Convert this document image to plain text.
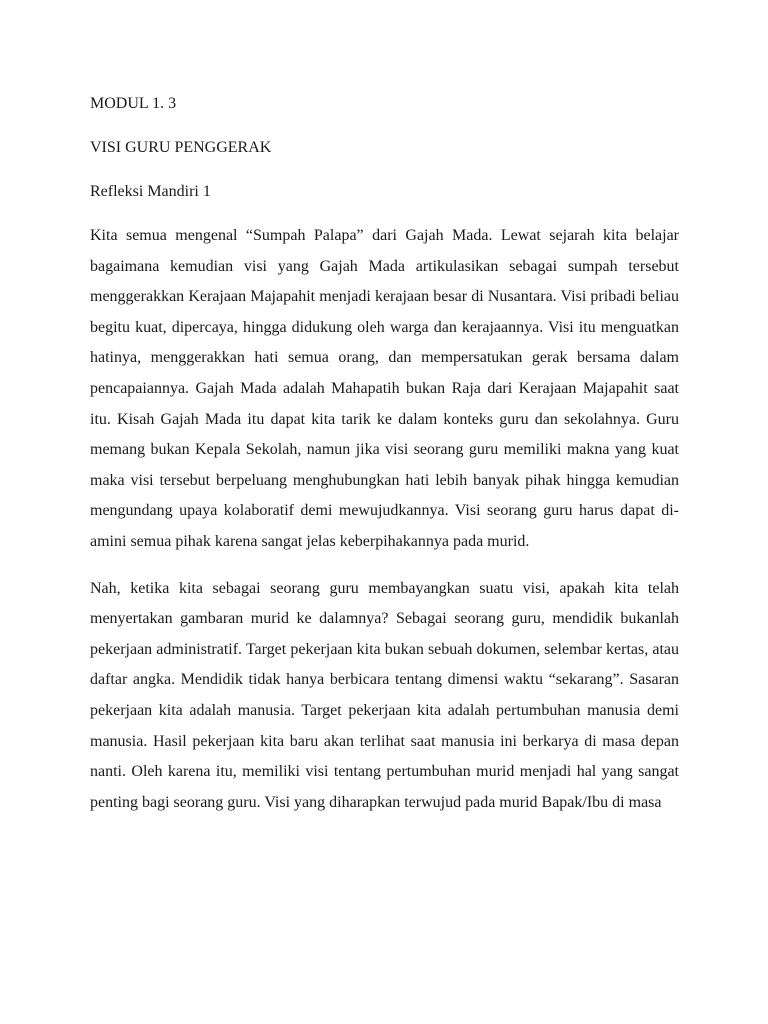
MODUL 1. 3

VISI GURU PENGGERAK

Refleksi Mandiri 1

Kita semua mengenal “Sumpah Palapa” dari Gajah Mada. Lewat sejarah kita belajar bagaimana kemudian visi yang Gajah Mada artikulasikan sebagai sumpah tersebut menggerakkan Kerajaan Majapahit menjadi kerajaan besar di Nusantara. Visi pribadi beliau begitu kuat, dipercaya, hingga didukung oleh warga dan kerajaannya. Visi itu menguatkan hatinya, menggerakkan hati semua orang, dan mempersatukan gerak bersama dalam pencapaiannya. Gajah Mada adalah Mahapatih bukan Raja dari Kerajaan Majapahit saat itu. Kisah Gajah Mada itu dapat kita tarik ke dalam konteks guru dan sekolahnya. Guru memang bukan Kepala Sekolah, namun jika visi seorang guru memiliki makna yang kuat maka visi tersebut berpeluang menghubungkan hati lebih banyak pihak hingga kemudian mengundang upaya kolaboratif demi mewujudkannya. Visi seorang guru harus dapat di-amini semua pihak karena sangat jelas keberpihakannya pada murid.

Nah, ketika kita sebagai seorang guru membayangkan suatu visi, apakah kita telah menyertakan gambaran murid ke dalamnya? Sebagai seorang guru, mendidik bukanlah pekerjaan administratif. Target pekerjaan kita bukan sebuah dokumen, selembar kertas, atau daftar angka. Mendidik tidak hanya berbicara tentang dimensi waktu “sekarang”. Sasaran pekerjaan kita adalah manusia. Target pekerjaan kita adalah pertumbuhan manusia demi manusia. Hasil pekerjaan kita baru akan terlihat saat manusia ini berkarya di masa depan nanti. Oleh karena itu, memiliki visi tentang pertumbuhan murid menjadi hal yang sangat penting bagi seorang guru. Visi yang diharapkan terwujud pada murid Bapak/Ibu di masa
